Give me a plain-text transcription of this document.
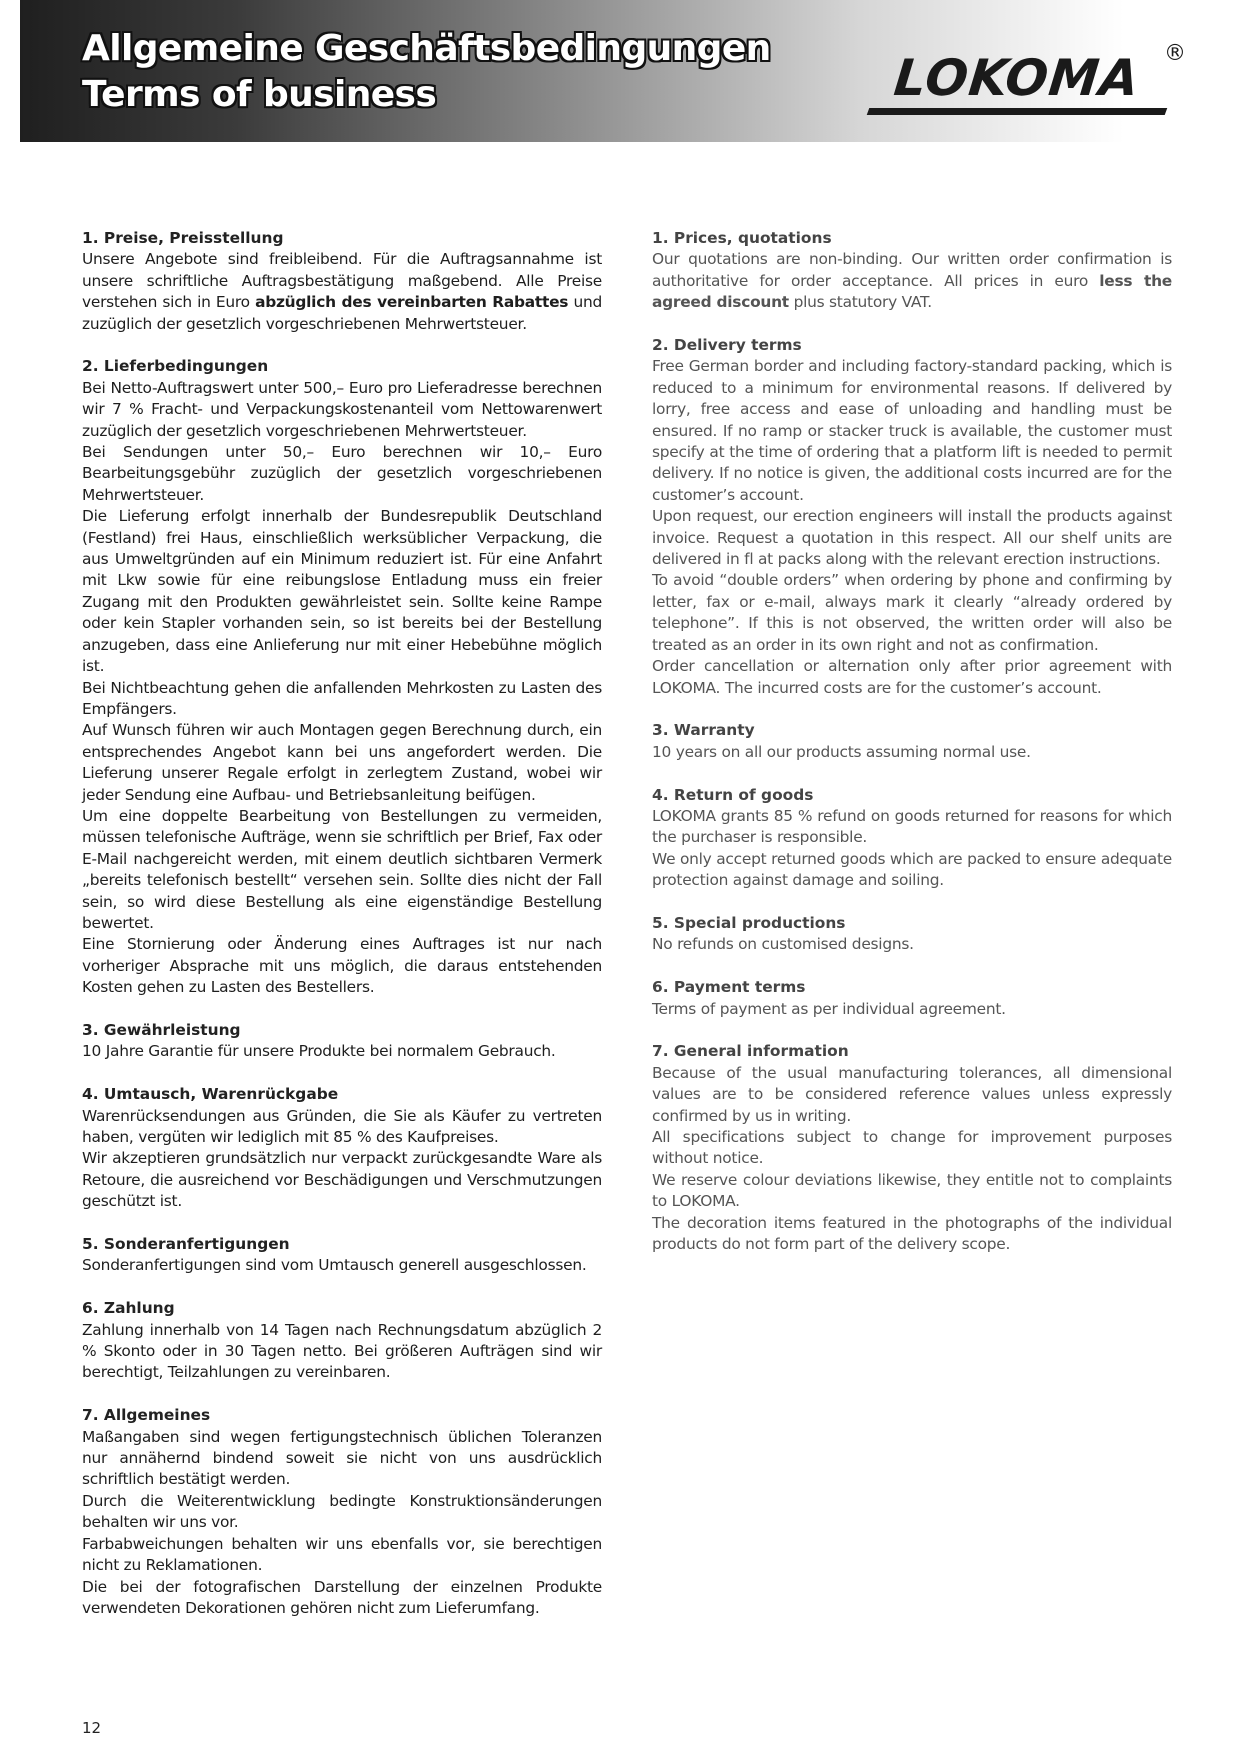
Allgemeine Geschäftsbedingungen
Terms of business	LOKOMA ®
1. Preise, Preisstellung

Unsere Angebote sind freibleibend. Für die Auftragsannahme ist unsere schriftliche Auftragsbestätigung maßgebend. Alle Preise verstehen sich in Euro abzüglich des vereinbarten Rabattes und zuzüglich der gesetzlich vorgeschriebenen Mehrwertsteuer.

2. Lieferbedingungen

Bei Netto-Auftragswert unter 500,– Euro pro Lieferadresse berechnen wir 7 % Fracht- und Verpackungskostenanteil vom Nettowarenwert zuzüglich der gesetzlich vorgeschriebenen Mehrwertsteuer.

Bei Sendungen unter 50,– Euro berechnen wir 10,– Euro Bearbeitungsgebühr zuzüglich der gesetzlich vorgeschriebenen Mehrwertsteuer.

Die Lieferung erfolgt innerhalb der Bundesrepublik Deutschland (Festland) frei Haus, einschließlich werksüblicher Verpackung, die aus Umweltgründen auf ein Minimum reduziert ist. Für eine Anfahrt mit Lkw sowie für eine reibungslose Entladung muss ein freier Zugang mit den Produkten gewährleistet sein. Sollte keine Rampe oder kein Stapler vorhanden sein, so ist bereits bei der Bestellung anzugeben, dass eine Anlieferung nur mit einer Hebebühne möglich ist.

Bei Nichtbeachtung gehen die anfallenden Mehrkosten zu Lasten des Empfängers.

Auf Wunsch führen wir auch Montagen gegen Berechnung durch, ein entsprechendes Angebot kann bei uns angefordert werden. Die Lieferung unserer Regale erfolgt in zerlegtem Zustand, wobei wir jeder Sendung eine Aufbau- und Betriebsanleitung beifügen.

Um eine doppelte Bearbeitung von Bestellungen zu vermeiden, müssen telefonische Aufträge, wenn sie schriftlich per Brief, Fax oder E-Mail nachgereicht werden, mit einem deutlich sichtbaren Vermerk „bereits telefonisch bestellt“ versehen sein. Sollte dies nicht der Fall sein, so wird diese Bestellung als eine eigenständige Bestellung bewertet.

Eine Stornierung oder Änderung eines Auftrages ist nur nach vorheriger Absprache mit uns möglich, die daraus entstehenden Kosten gehen zu Lasten des Bestellers.

3. Gewährleistung

10 Jahre Garantie für unsere Produkte bei normalem Gebrauch.

4. Umtausch, Warenrückgabe

Warenrücksendungen aus Gründen, die Sie als Käufer zu vertreten haben, vergüten wir lediglich mit 85 % des Kaufpreises.

Wir akzeptieren grundsätzlich nur verpackt zurückgesandte Ware als Retoure, die ausreichend vor Beschädigungen und Verschmutzungen geschützt ist.

5. Sonderanfertigungen

Sonderanfertigungen sind vom Umtausch generell ausgeschlossen.

6. Zahlung

Zahlung innerhalb von 14 Tagen nach Rechnungsdatum abzüglich 2 % Skonto oder in 30 Tagen netto. Bei größeren Aufträgen sind wir berechtigt, Teilzahlungen zu vereinbaren.

7. Allgemeines

Maßangaben sind wegen fertigungstechnisch üblichen Toleranzen nur annähernd bindend soweit sie nicht von uns ausdrücklich schriftlich bestätigt werden.

Durch die Weiterentwicklung bedingte Konstruktionsänderungen behalten wir uns vor.

Farbabweichungen behalten wir uns ebenfalls vor, sie berechtigen nicht zu Reklamationen.

Die bei der fotografischen Darstellung der einzelnen Produkte verwendeten Dekorationen gehören nicht zum Lieferumfang.

1. Prices, quotations

Our quotations are non-binding. Our written order confirmation is authoritative for order acceptance. All prices in euro less the agreed discount plus statutory VAT.

2. Delivery terms

Free German border and including factory-standard packing, which is reduced to a minimum for environmental reasons. If delivered by lorry, free access and ease of unloading and handling must be ensured. If no ramp or stacker truck is available, the customer must specify at the time of ordering that a platform lift is needed to permit delivery. If no notice is given, the additional costs incurred are for the customer’s account.

Upon request, our erection engineers will install the products against invoice. Request a quotation in this respect. All our shelf units are delivered in fl at packs along with the relevant erection instructions.

To avoid “double orders” when ordering by phone and confirming by letter, fax or e-mail, always mark it clearly “already ordered by telephone”. If this is not observed, the written order will also be treated as an order in its own right and not as confirmation.

Order cancellation or alternation only after prior agreement with LOKOMA. The incurred costs are for the customer’s account.

3. Warranty

10 years on all our products assuming normal use.

4. Return of goods

LOKOMA grants 85 % refund on goods returned for reasons for which the purchaser is responsible.

We only accept returned goods which are packed to ensure adequate protection against damage and soiling.

5. Special productions

No refunds on customised designs.

6. Payment terms

Terms of payment as per individual agreement.

7. General information

Because of the usual manufacturing tolerances, all dimensional values are to be considered reference values unless expressly confirmed by us in writing.

All specifications subject to change for improvement purposes without notice.

We reserve colour deviations likewise, they entitle not to complaints to LOKOMA.

The decoration items featured in the photographs of the individual products do not form part of the delivery scope.

12
